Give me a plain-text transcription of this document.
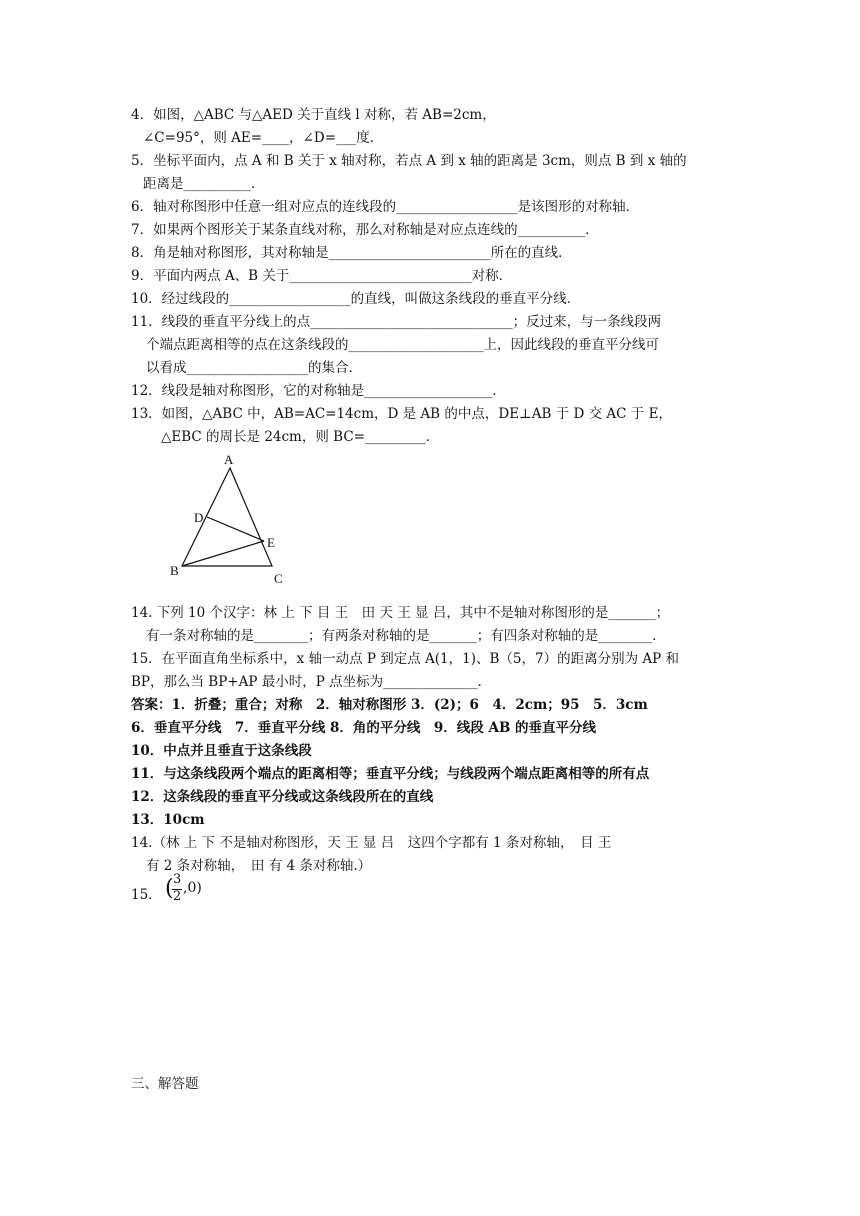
4．如图，△ABC 与△AED 关于直线 l 对称，若 AB=2cm，
∠C=95°，则 AE=____，∠D=___度．
5．坐标平面内，点 A 和 B 关于 x 轴对称，若点 A 到 x 轴的距离是 3cm，则点 B 到 x 轴的
距离是__________．
6．轴对称图形中任意一组对应点的连线段的__________________是该图形的对称轴．
7．如果两个图形关于某条直线对称，那么对称轴是对应点连线的__________．
8．角是轴对称图形，其对称轴是________________________所在的直线．
9．平面内两点 A、B 关于___________________________对称．
10．经过线段的__________________的直线，叫做这条线段的垂直平分线．
11．线段的垂直平分线上的点______________________________；反过来，与一条线段两
个端点距离相等的点在这条线段的____________________上，因此线段的垂直平分线可
以看成__________________的集合．
12．线段是轴对称图形，它的对称轴是___________________．
13．如图，△ABC 中，AB=AC=14cm，D 是 AB 的中点，DE⊥AB 于 D 交 AC 于 E，
△EBC 的周长是 24cm，则 BC=_________．
A
D
E
B
C
14. 下列 10 个汉字：林 上 下 目 王　田 天 王 显 吕，其中不是轴对称图形的是_______；
有一条对称轴的是________；有两条对称轴的是_______；有四条对称轴的是________．
15．在平面直角坐标系中，x 轴一动点 P 到定点 A(1，1)、B（5，7）的距离分别为 AP 和
BP，那么当 BP+AP 最小时，P 点坐标为______________．
答案：1．折叠；重合；对称　2．轴对称图形 3．(2)；6　4．2cm；95　5．3cm
6．垂直平分线　7．垂直平分线 8．角的平分线　9．线段 AB 的垂直平分线
10．中点并且垂直于这条线段
11．与这条线段两个端点的距离相等；垂直平分线；与线段两个端点距离相等的所有点
12．这条线段的垂直平分线或这条线段所在的直线
13．10cm
14.（林 上 下 不是轴对称图形，天 王 显 吕　这四个字都有 1 条对称轴，　目 王
有 2 条对称轴，　田 有 4 条对称轴.）
15． ( 3
2
,0)
三、解答题
